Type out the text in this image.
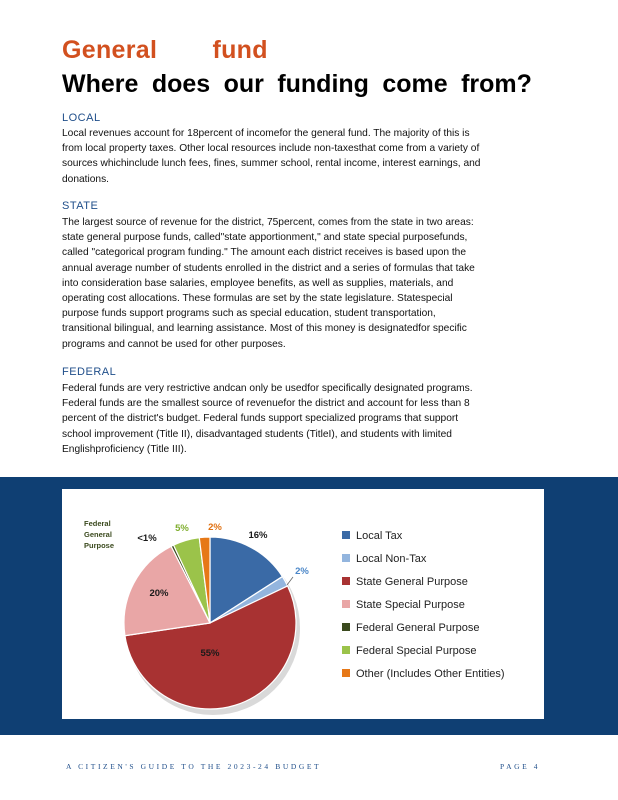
General fund
Where does our funding come from?
LOCAL
Local revenues account for 18percent of incomefor the general fund. The majority of this is
from local property taxes. Other local resources include non-taxesthat come from a variety of
sources whichinclude lunch fees, fines, summer school, rental income, interest earnings, and
donations.
STATE
The largest source of revenue for the district, 75percent, comes from the state in two areas:
state general purpose funds, called"state apportionment," and state special purposefunds,
called "categorical program funding." The amount each district receives is based upon the
annual average number of students enrolled in the district and a series of formulas that take
into consideration base salaries, employee benefits, as well as supplies, materials, and
operating cost allocations. These formulas are set by the state legislature. Statespecial
purpose funds support programs such as special education, student transportation,
transitional bilingual, and learning assistance. Most of this money is designatedfor specific
programs and cannot be used for other purposes.
FEDERAL
Federal funds are very restrictive andcan only be usedfor specifically designated programs.
Federal funds are the smallest source of revenuefor the district and account for less than 8
percent of the district's budget. Federal funds support specialized programs that support
school improvement (Title II), disadvantaged students (TitleI), and students with limited
Englishproficiency (Title III).
16%
2%
55%
20%
<1%
5% 2%
Federal
General
Purpose
Local Tax
Local Non-Tax
State General Purpose
State Special Purpose
Federal General Purpose
Federal Special Purpose
Other (Includes Other Entities)
A CITIZEN'S GUIDE TO THE 2023-24 BUDGET	PAGE 4
